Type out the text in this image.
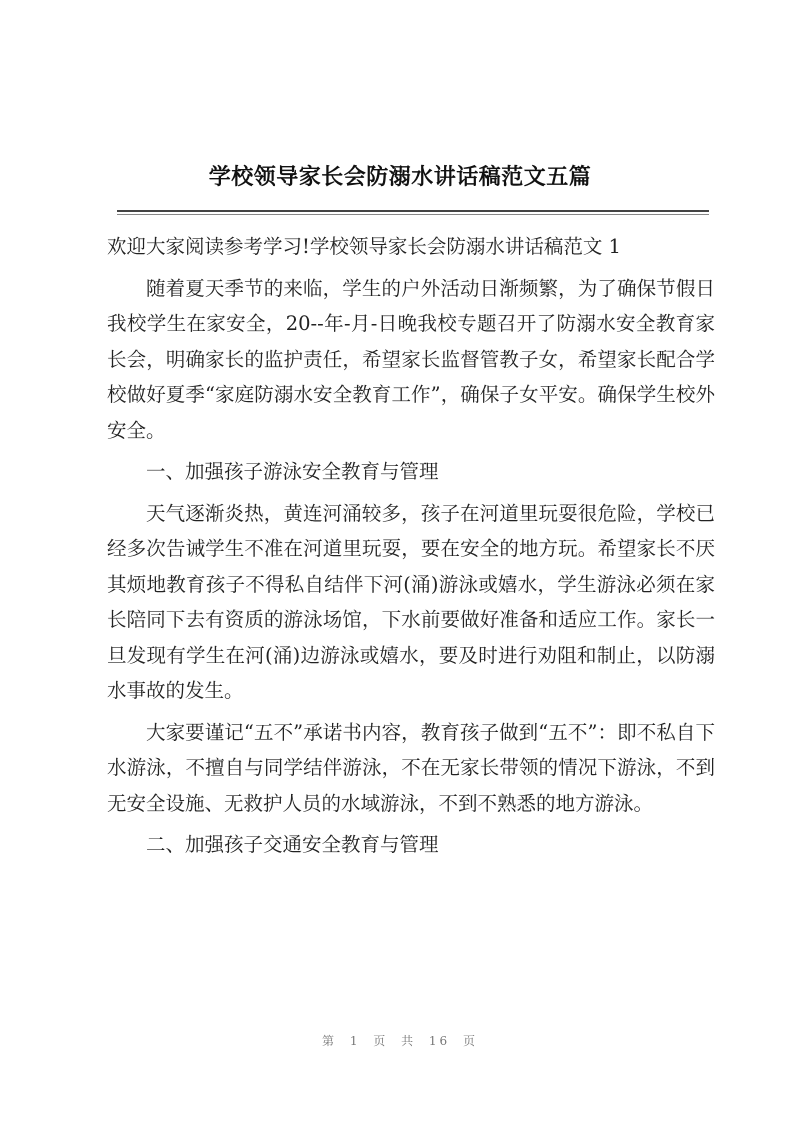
学校领导家长会防溺水讲话稿范文五篇

欢迎大家阅读参考学习!学校领导家长会防溺水讲话稿范文 1

随着夏天季节的来临，学生的户外活动日渐频繁，为了确保节假日我校学生在家安全，20--年-月-日晚我校专题召开了防溺水安全教育家长会，明确家长的监护责任，希望家长监督管教子女，希望家长配合学校做好夏季“家庭防溺水安全教育工作”，确保子女平安。确保学生校外安全。

一、加强孩子游泳安全教育与管理

天气逐渐炎热，黄连河涌较多，孩子在河道里玩耍很危险，学校已经多次告诫学生不准在河道里玩耍，要在安全的地方玩。希望家长不厌其烦地教育孩子不得私自结伴下河(涌)游泳或嬉水，学生游泳必须在家长陪同下去有资质的游泳场馆，下水前要做好准备和适应工作。家长一旦发现有学生在河(涌)边游泳或嬉水，要及时进行劝阻和制止，以防溺水事故的发生。

大家要谨记“五不”承诺书内容，教育孩子做到“五不”：即不私自下水游泳，不擅自与同学结伴游泳，不在无家长带领的情况下游泳，不到无安全设施、无救护人员的水域游泳，不到不熟悉的地方游泳。

二、加强孩子交通安全教育与管理

第 1 页 共 16 页
